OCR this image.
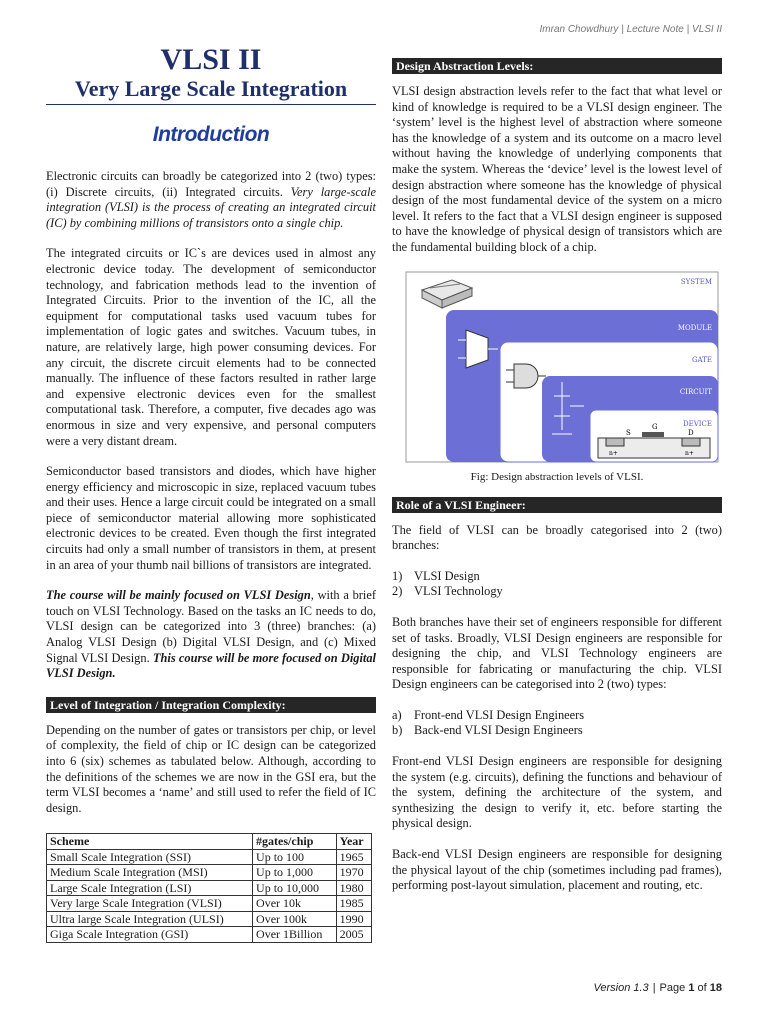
Imran Chowdhury | Lecture Note | VLSI II
VLSI II
Very Large Scale Integration
Introduction

Electronic circuits can broadly be categorized into 2 (two) types: (i) Discrete circuits, (ii) Integrated circuits. Very large-scale integration (VLSI) is the process of creating an integrated circuit (IC) by combining millions of transistors onto a single chip.

The integrated circuits or IC`s are devices used in almost any electronic device today. The development of semiconductor technology, and fabrication methods lead to the invention of Integrated Circuits. Prior to the invention of the IC, all the equipment for computational tasks used vacuum tubes for implementation of logic gates and switches. Vacuum tubes, in nature, are relatively large, high power consuming devices. For any circuit, the discrete circuit elements had to be connected manually. The influence of these factors resulted in rather large and expensive electronic devices even for the smallest computational task. Therefore, a computer, five decades ago was enormous in size and very expensive, and personal computers were a very distant dream.

Semiconductor based transistors and diodes, which have higher energy efficiency and microscopic in size, replaced vacuum tubes and their uses. Hence a large circuit could be integrated on a small piece of semiconductor material allowing more sophisticated electronic devices to be created. Even though the first integrated circuits had only a small number of transistors in them, at present in an area of your thumb nail billions of transistors are integrated.

The course will be mainly focused on VLSI Design, with a brief touch on VLSI Technology. Based on the tasks an IC needs to do, VLSI design can be categorized into 3 (three) branches: (a) Analog VLSI Design (b) Digital VLSI Design, and (c) Mixed Signal VLSI Design. This course will be more focused on Digital VLSI Design.

Level of Integration / Integration Complexity:

Depending on the number of gates or transistors per chip, or level of complexity, the field of chip or IC design can be categorized into 6 (six) schemes as tabulated below. Although, according to the definitions of the schemes we are now in the GSI era, but the term VLSI becomes a ‘name’ and still used to refer the field of IC design.

Scheme	#gates/chip	Year
Small Scale Integration (SSI)	Up to 100	1965
Medium Scale Integration (MSI)	Up to 1,000	1970
Large Scale Integration (LSI)	Up to 10,000	1980
Very large Scale Integration (VLSI)	Over 10k	1985
Ultra large Scale Integration (ULSI)	Over 100k	1990
Giga Scale Integration (GSI)	Over 1Billion	2005
Design Abstraction Levels:

VLSI design abstraction levels refer to the fact that what level or kind of knowledge is required to be a VLSI design engineer. The ‘system’ level is the highest level of abstraction where someone has the knowledge of a system and its outcome on a macro level without having the knowledge of underlying components that make the system. Whereas the ‘device’ level is the lowest level of design abstraction where someone has the knowledge of physical design of the most fundamental device of the system on a micro level. It refers to the fact that a VLSI design engineer is supposed to have the knowledge of physical design of transistors which are the fundamental building block of a chip.

SYSTEM
MODULE
GATE
CIRCUIT
DEVICE
S
G
D
n+	n+
Fig: Design abstraction levels of VLSI.
Role of a VLSI Engineer:

The field of VLSI can be broadly categorised into 2 (two) branches:

1) VLSI Design
2) VLSI Technology

Both branches have their set of engineers responsible for different set of tasks. Broadly, VLSI Design engineers are responsible for designing the chip, and VLSI Technology engineers are responsible for fabricating or manufacturing the chip. VLSI Design engineers can be categorised into 2 (two) types:

a) Front-end VLSI Design Engineers
b) Back-end VLSI Design Engineers

Front-end VLSI Design engineers are responsible for designing the system (e.g. circuits), defining the functions and behaviour of the system, defining the architecture of the system, and synthesizing the design to verify it, etc. before starting the physical design.

Back-end VLSI Design engineers are responsible for designing the physical layout of the chip (sometimes including pad frames), performing post-layout simulation, placement and routing, etc.

Version 1.3 | Page 1 of 18
